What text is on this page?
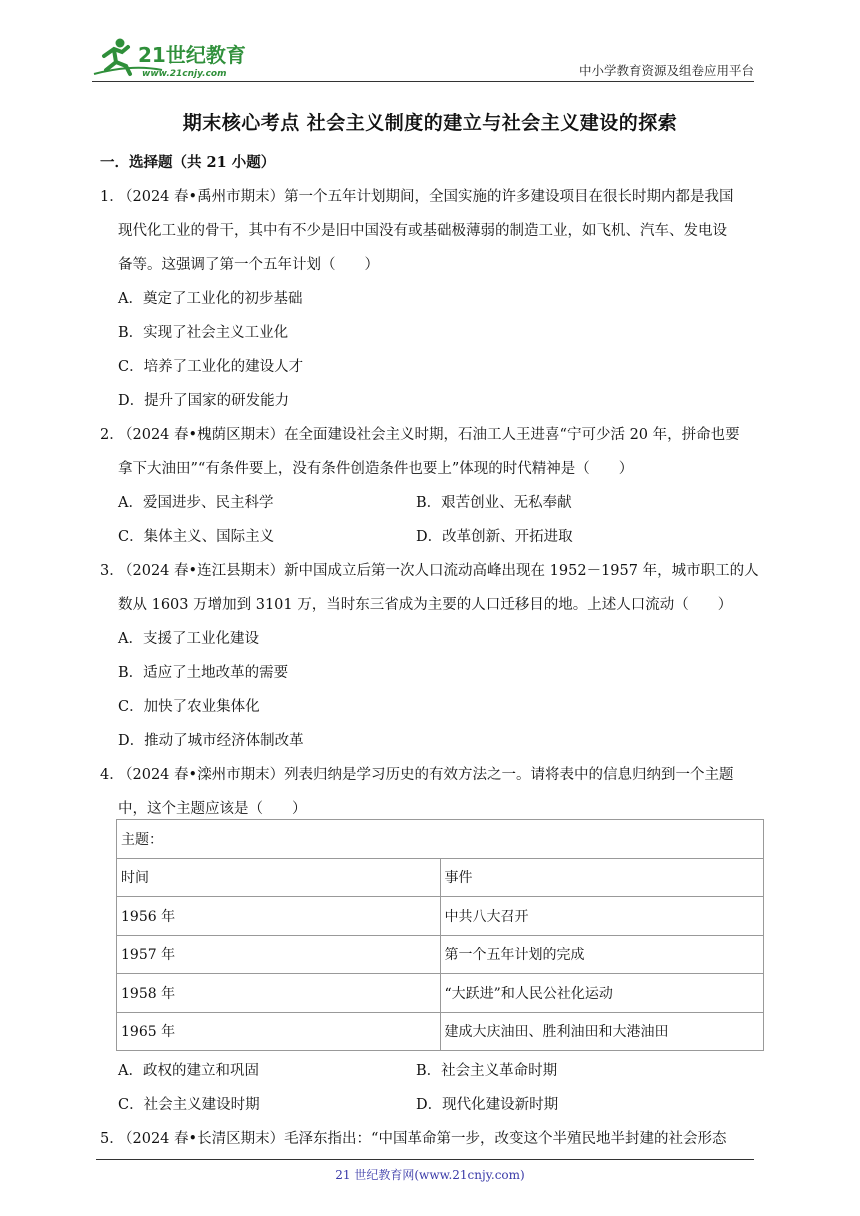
21世纪教育
www.21cnjy.com	中小学教育资源及组卷应用平台
期末核心考点 社会主义制度的建立与社会主义建设的探索
一．选择题（共 21 小题）
1．
（2024 春•禹州市期末）第一个五年计划期间，全国实施的许多建设项目在很长时期内都是我国
现代化工业的骨干，其中有不少是旧中国没有或基础极薄弱的制造工业，如飞机、汽车、发电设
备等。这强调了第一个五年计划（　　）
A．奠定了工业化的初步基础
B．实现了社会主义工业化
C．培养了工业化的建设人才
D．提升了国家的研发能力
2．
（2024 春•槐荫区期末）在全面建设社会主义时期，石油工人王进喜“宁可少活 20 年，拼命也要
拿下大油田”“有条件要上，没有条件创造条件也要上”体现的时代精神是（　　）
A．爱国进步、民主科学	B．艰苦创业、无私奉献
C．集体主义、国际主义	D．改革创新、开拓进取
3．
（2024 春•连江县期末）新中国成立后第一次人口流动高峰出现在 1952－1957 年，城市职工的人
数从 1603 万增加到 3101 万，当时东三省成为主要的人口迁移目的地。上述人口流动（　　）
A．支援了工业化建设
B．适应了土地改革的需要
C．加快了农业集体化
D．推动了城市经济体制改革
4．
（2024 春•滦州市期末）列表归纳是学习历史的有效方法之一。请将表中的信息归纳到一个主题
中，这个主题应该是（　　）
主题：	
时间	事件
1956 年	中共八大召开
1957 年	第一个五年计划的完成
1958 年	“大跃进”和人民公社化运动
1965 年	建成大庆油田、胜利油田和大港油田
A．政权的建立和巩固	B．社会主义革命时期
C．社会主义建设时期	D．现代化建设新时期
5．
（2024 春•长清区期末）毛泽东指出：“中国革命第一步，改变这个半殖民地半封建的社会形态
21 世纪教育网(www.21cnjy.com)
